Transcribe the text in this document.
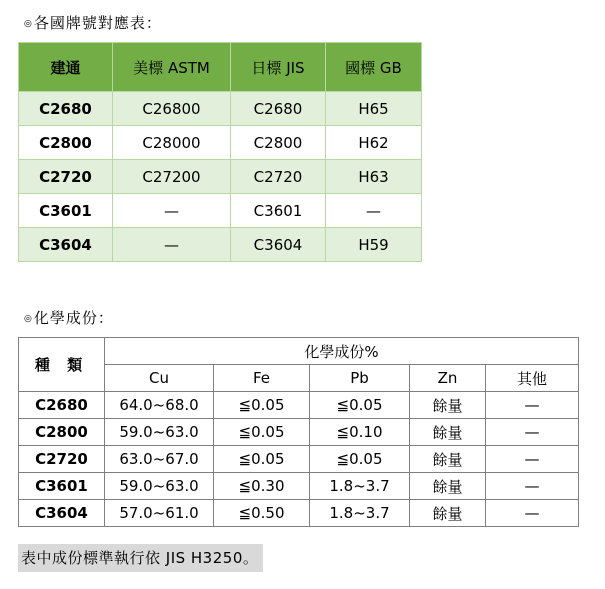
◎各國牌號對應表：
建通	美標 ASTM	日標 JIS	國標 GB
C2680	C26800	C2680	H65
C2800	C28000	C2800	H62
C2720	C27200	C2720	H63
C3601	—	C3601	—
C3604	—	C3604	H59
◎化學成份：
種 類	化學成份%				
	Cu	Fe	Pb	Zn	其他
C2680	64.0~68.0	≦0.05	≦0.05	餘量	—
C2800	59.0~63.0	≦0.05	≦0.10	餘量	—
C2720	63.0~67.0	≦0.05	≦0.05	餘量	—
C3601	59.0~63.0	≦0.30	1.8~3.7	餘量	—
C3604	57.0~61.0	≦0.50	1.8~3.7	餘量	—
表中成份標準執行依 JIS H3250。
